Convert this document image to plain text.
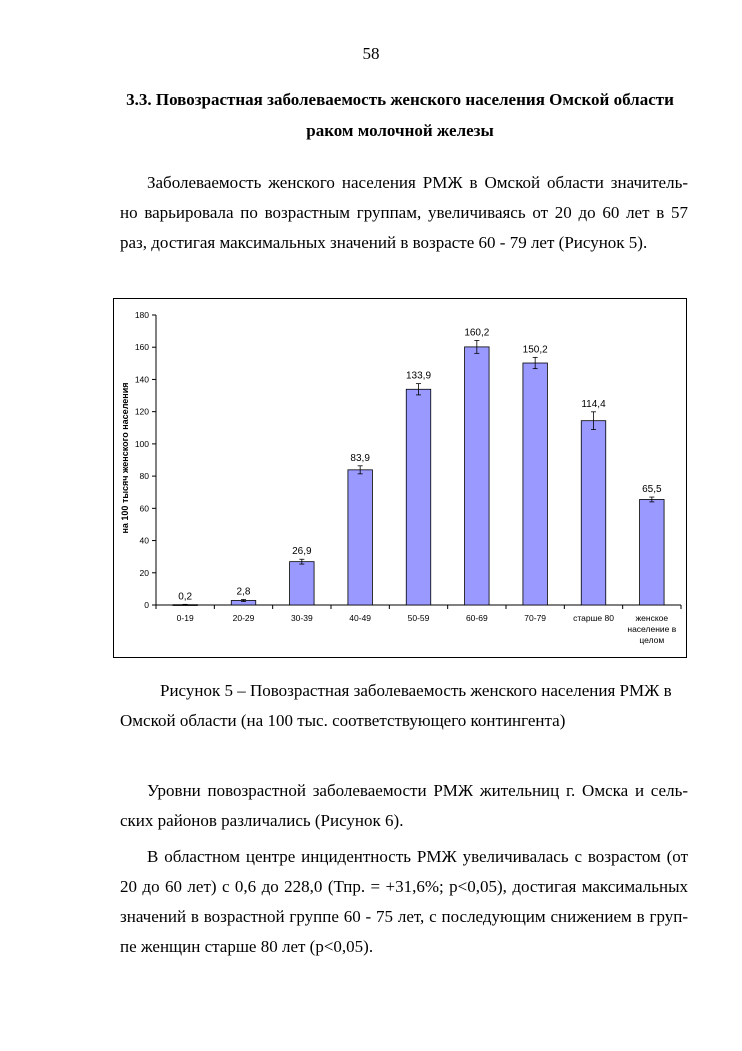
58
3.3. Повозрастная заболеваемость женского населения Омской области
раком молочной железы
Заболеваемость женского населения РМЖ в Омской области значитель-
но варьировала по возрастным группам, увеличиваясь от 20 до 60 лет в 57
раз, достигая максимальных значений в возрасте 60 - 79 лет (Рисунок 5).
0
20
40
60
80
100
120
140
160
180
0-19	20-29	30-39	40-49	50-59	60-69	70-79	старше 80	женское
население в
целом
0,2	2,8
26,9
83,9
133,9
160,2
150,2
114,4
65,5
на 100 тысяч женского населения
Рисунок 5 – Повозрастная заболеваемость женского населения РМЖ в
Омской области (на 100 тыс. соответствующего контингента)
Уровни повозрастной заболеваемости РМЖ жительниц г. Омска и сель-
ских районов различались (Рисунок 6).
В областном центре инцидентность РМЖ увеличивалась с возрастом (от
20 до 60 лет) с 0,6 до 228,0 (Тпр. = +31,6%; p<0,05), достигая максимальных
значений в возрастной группе 60 - 75 лет, с последующим снижением в груп-
пе женщин старше 80 лет (p<0,05).
